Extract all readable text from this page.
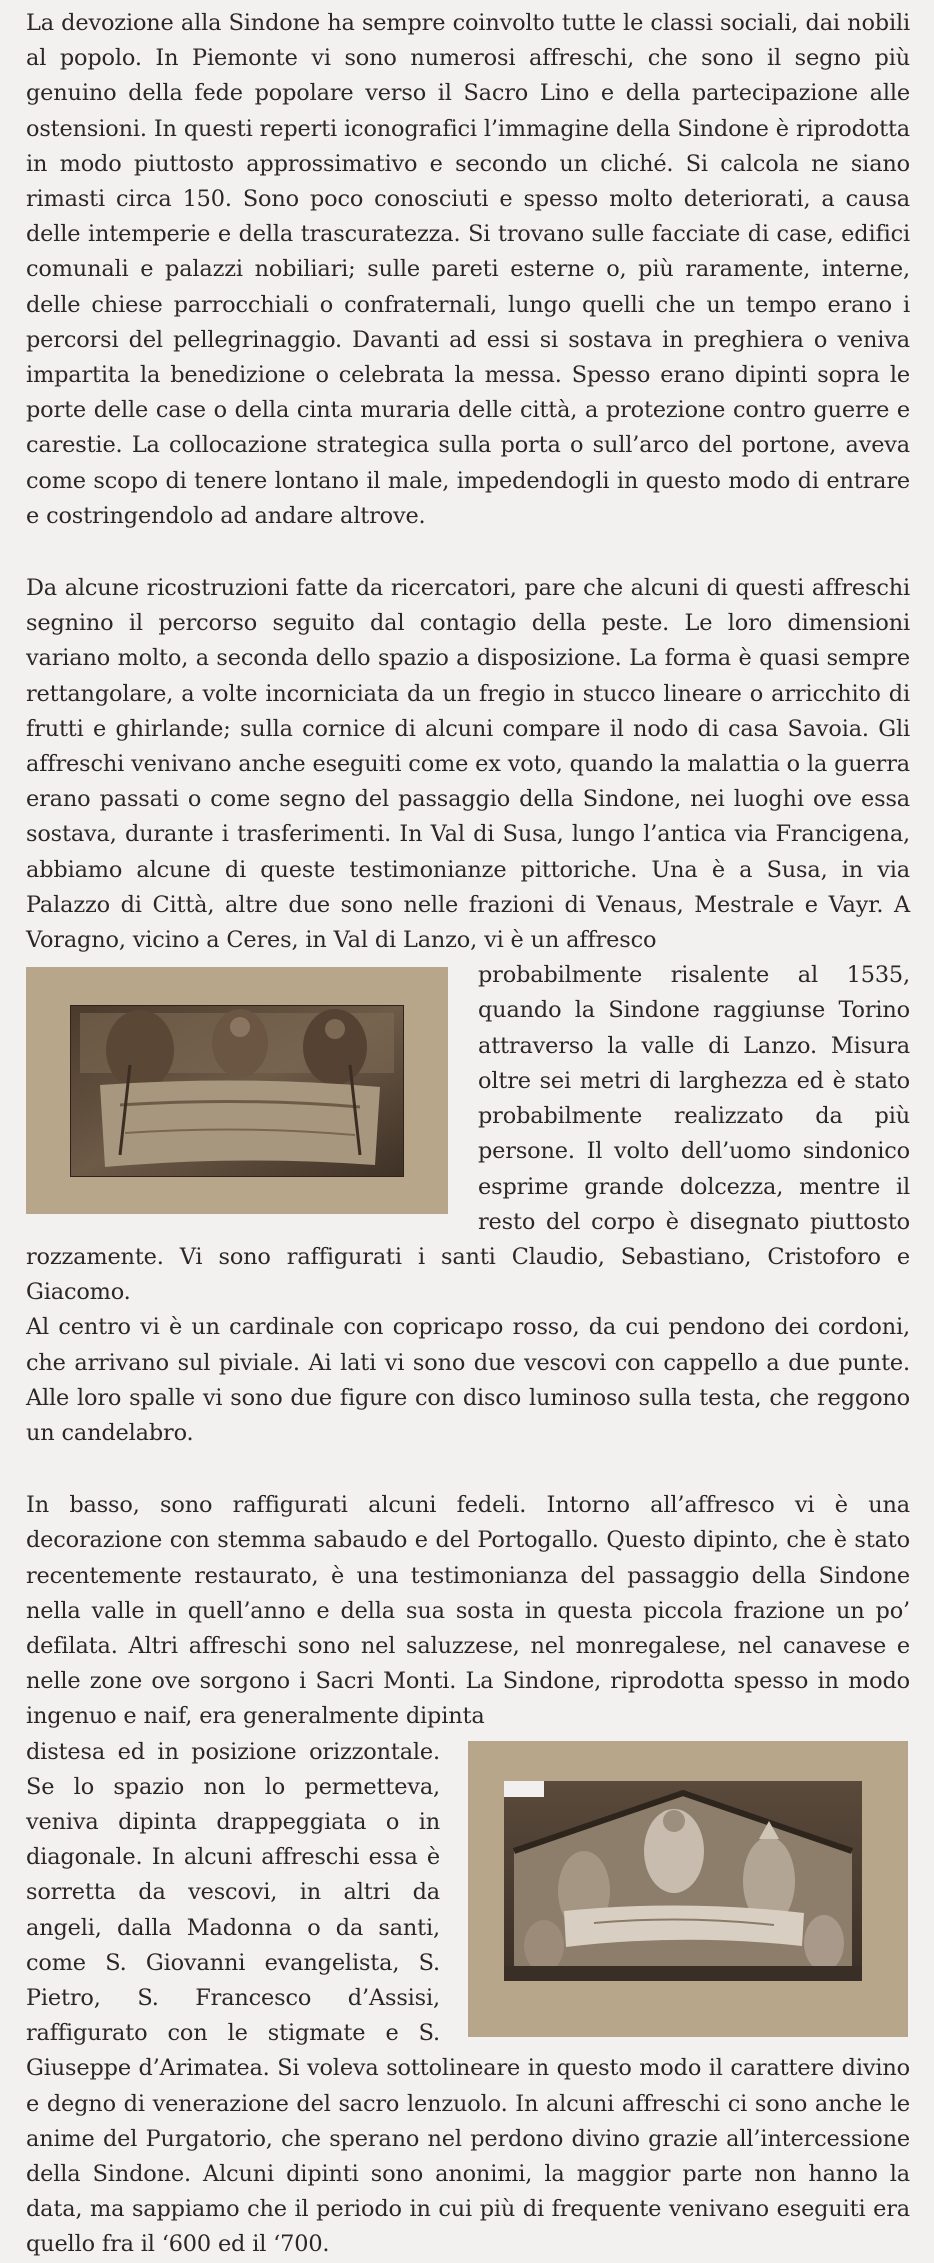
La devozione alla Sindone ha sempre coinvolto tutte le classi sociali, dai nobili al popolo. In Piemonte vi sono numerosi affreschi, che sono il segno più genuino della fede popolare verso il Sacro Lino e della partecipazione alle ostensioni. In questi reperti iconografici l’immagine della Sindone è riprodotta in modo piuttosto approssimativo e secondo un cliché. Si calcola ne siano rimasti circa 150. Sono poco conosciuti e spesso molto deteriorati, a causa delle intemperie e della trascuratezza. Si trovano sulle facciate di case, edifici comunali e palazzi nobiliari; sulle pareti esterne o, più raramente, interne, delle chiese parrocchiali o confraternali, lungo quelli che un tempo erano i percorsi del pellegrinaggio. Davanti ad essi si sostava in preghiera o veniva impartita la benedizione o celebrata la messa. Spesso erano dipinti sopra le porte delle case o della cinta muraria delle città, a protezione contro guerre e carestie. La collocazione strategica sulla porta o sull’arco del portone, aveva come scopo di tenere lontano il male, impedendogli in questo modo di entrare e costringendolo ad andare altrove.

Da alcune ricostruzioni fatte da ricercatori, pare che alcuni di questi affreschi segnino il percorso seguito dal contagio della peste. Le loro dimensioni variano molto, a seconda dello spazio a disposizione. La forma è quasi sempre rettangolare, a volte incorniciata da un fregio in stucco lineare o arricchito di frutti e ghirlande; sulla cornice di alcuni compare il nodo di casa Savoia. Gli affreschi venivano anche eseguiti come ex voto, quando la malattia o la guerra erano passati o come segno del passaggio della Sindone, nei luoghi ove essa sostava, durante i trasferimenti. In Val di Susa, lungo l’antica via Francigena, abbiamo alcune di queste testimonianze pittoriche. Una è a Susa, in via Palazzo di Città, altre due sono nelle frazioni di Venaus, Mestrale e Vayr. A Voragno, vicino a Ceres, in Val di Lanzo, vi è un affresco

probabilmente risalente al 1535, quando la Sindone raggiunse Torino attraverso la valle di Lanzo. Misura oltre sei metri di larghezza ed è stato probabilmente realizzato da più persone. Il volto dell’uomo sindonico esprime grande dolcezza, mentre il resto del corpo è disegnato piuttosto rozzamente. Vi sono raffigurati i santi Claudio, Sebastiano, Cristoforo e Giacomo.

Al centro vi è un cardinale con copricapo rosso, da cui pendono dei cordoni, che arrivano sul piviale. Ai lati vi sono due vescovi con cappello a due punte. Alle loro spalle vi sono due figure con disco luminoso sulla testa, che reggono un candelabro.

In basso, sono raffigurati alcuni fedeli. Intorno all’affresco vi è una decorazione con stemma sabaudo e del Portogallo. Questo dipinto, che è stato recentemente restaurato, è una testimonianza del passaggio della Sindone nella valle in quell’anno e della sua sosta in questa piccola frazione un po’ defilata. Altri affreschi sono nel saluzzese, nel monregalese, nel canavese e nelle zone ove sorgono i Sacri Monti. La Sindone, riprodotta spesso in modo ingenuo e naif, era generalmente dipinta

distesa ed in posizione orizzontale. Se lo spazio non lo permetteva, veniva dipinta drappeggiata o in diagonale. In alcuni affreschi essa è sorretta da vescovi, in altri da angeli, dalla Madonna o da santi, come S. Giovanni evangelista, S. Pietro, S. Francesco d’Assisi, raffigurato con le stigmate e S. Giuseppe d’Arimatea. Si voleva sottolineare in questo modo il carattere divino e degno di venerazione del sacro lenzuolo. In alcuni affreschi ci sono anche le anime del Purgatorio, che sperano nel perdono divino grazie all’intercessione della Sindone. Alcuni dipinti sono anonimi, la maggior parte non hanno la data, ma sappiamo che il periodo in cui più di frequente venivano eseguiti era quello fra il ‘600 ed il ‘700.
